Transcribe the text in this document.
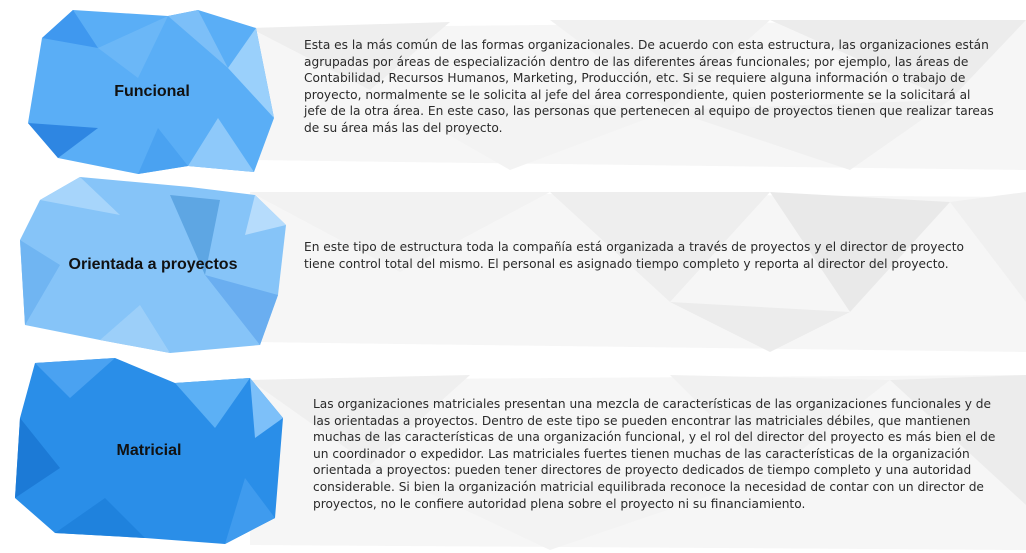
Funcional

Esta es la más común de las formas organizacionales. De acuerdo con esta estructura, las organizaciones están agrupadas por áreas de especialización dentro de las diferentes áreas funcionales; por ejemplo, las áreas de Contabilidad, Recursos Humanos, Marketing, Producción, etc. Si se requiere alguna información o trabajo de proyecto, normalmente se le solicita al jefe del área correspondiente, quien posteriormente se la solicitará al jefe de la otra área. En este caso, las personas que pertenecen al equipo de proyectos tienen que realizar tareas de su área más las del proyecto.

Orientada a proyectos

En este tipo de estructura toda la compañía está organizada a través de proyectos y el director de proyecto tiene control total del mismo. El personal es asignado tiempo completo y reporta al director del proyecto.

Matricial

Las organizaciones matriciales presentan una mezcla de características de las organizaciones funcionales y de las orientadas a proyectos. Dentro de este tipo se pueden encontrar las matriciales débiles, que mantienen muchas de las características de una organización funcional, y el rol del director del proyecto es más bien el de un coordinador o expedidor. Las matriciales fuertes tienen muchas de las características de la organización orientada a proyectos: pueden tener directores de proyecto dedicados de tiempo completo y una autoridad considerable. Si bien la organización matricial equilibrada reconoce la necesidad de contar con un director de proyectos, no le confiere autoridad plena sobre el proyecto ni su financiamiento.
